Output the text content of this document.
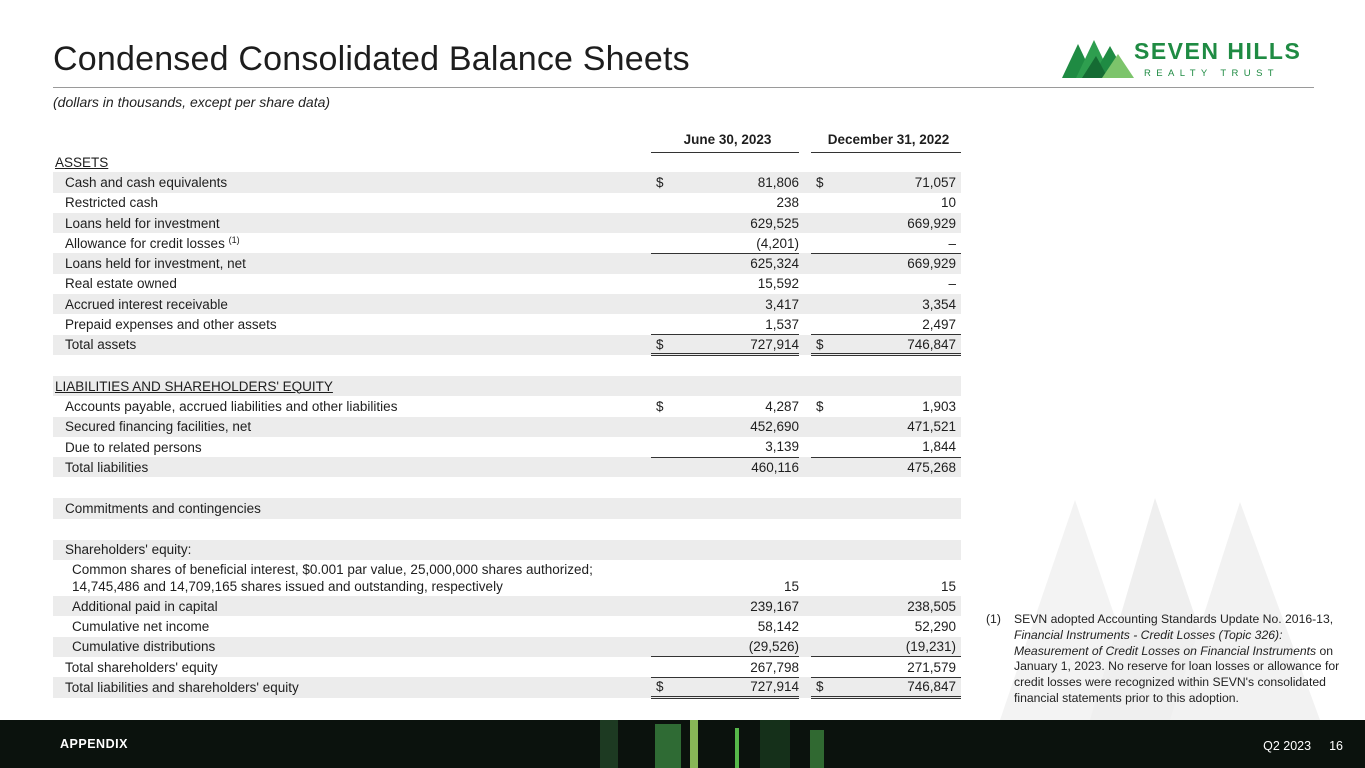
Condensed Consolidated Balance Sheets
(dollars in thousands, except per share data)
SEVEN HILLS
REALTY TRUST
	June 30, 2023			December 31, 2022	
ASSETS					
Cash and cash equivalents	$	81,806		$	71,057
Restricted cash		238			10
Loans held for investment		629,525			669,929
Allowance for credit losses $^{(1)}$		(4,201)			–
Loans held for investment, net		625,324			669,929
Real estate owned		15,592			–
Accrued interest receivable		3,417			3,354
Prepaid expenses and other assets		1,537			2,497
Total assets	$	727,914		$	746,847

LIABILITIES AND SHAREHOLDERS' EQUITY					
Accounts payable, accrued liabilities and other liabilities	$	4,287		$	1,903
Secured financing facilities, net		452,690			471,521
Due to related persons		3,139			1,844
Total liabilities		460,116			475,268

Commitments and contingencies					

Shareholders' equity:					
Common shares of beneficial interest, $0.001 par value, 25,000,000 shares authorized; 14,745,486 and 14,709,165 shares issued and outstanding, respectively		15			15
Additional paid in capital		239,167			238,505
Cumulative net income		58,142			52,290
Cumulative distributions		(29,526)			(19,231)
Total shareholders' equity		267,798			271,579
Total liabilities and shareholders' equity	$	727,914		$	746,847
(1) SEVN adopted Accounting Standards Update No. 2016-13, Financial Instruments - Credit Losses (Topic 326): Measurement of Credit Losses on Financial Instruments on January 1, 2023. No reserve for loan losses or allowance for credit losses were recognized within SEVN's consolidated financial statements prior to this adoption.
APPENDIX	Q2 2023 16
